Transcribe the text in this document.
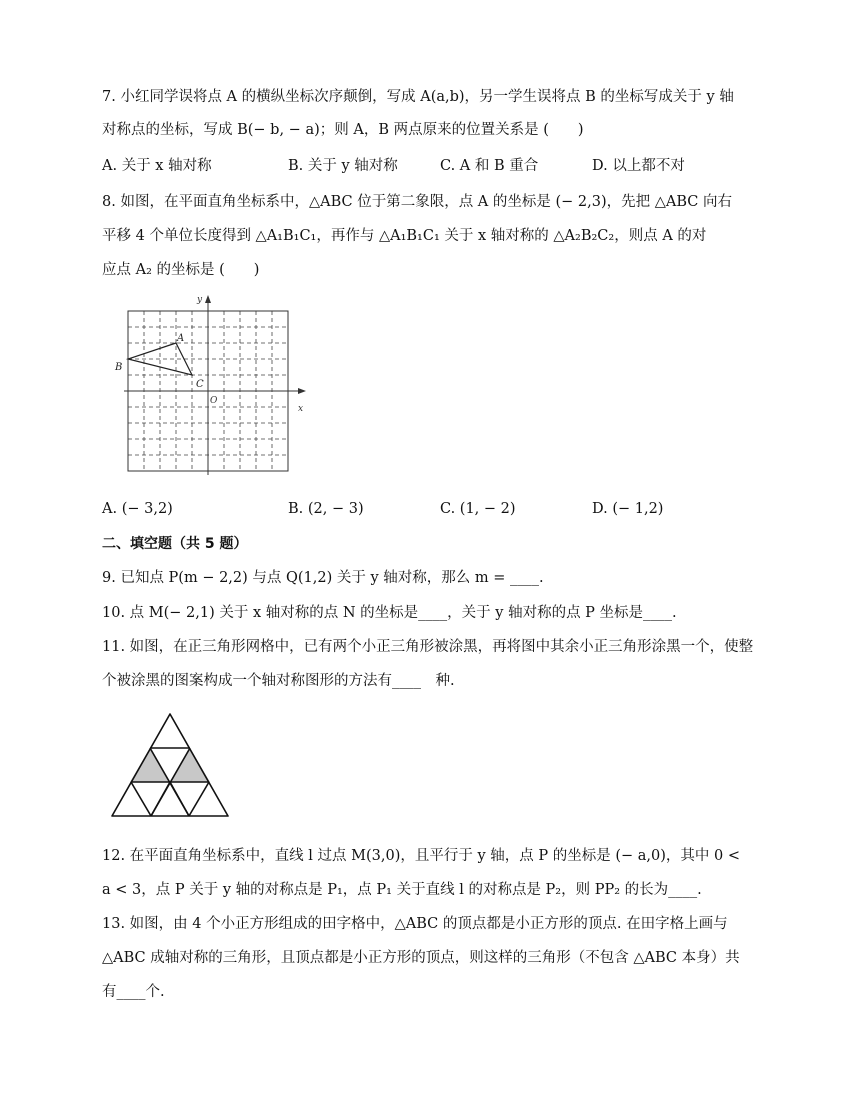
7. 小红同学误将点 A 的横纵坐标次序颠倒，写成 A(a,b)，另一学生误将点 B 的坐标写成关于 y 轴
对称点的坐标，写成 B(− b, − a)；则 A，B 两点原来的位置关系是 (　　)
A. 关于 x 轴对称	B. 关于 y 轴对称	C. A 和 B 重合	D. 以上都不对
8. 如图，在平面直角坐标系中，△ABC 位于第二象限，点 A 的坐标是 (− 2,3)，先把 △ABC 向右
平移 4 个单位长度得到 △A₁B₁C₁，再作与 △A₁B₁C₁ 关于 x 轴对称的 △A₂B₂C₂，则点 A 的对
应点 A₂ 的坐标是 (　　)
y
x
O
A
B
C
A. (− 3,2)	B. (2, − 3)	C. (1, − 2)	D. (− 1,2)
二、填空题（共 5 题）
9. 已知点 P(m − 2,2) 与点 Q(1,2) 关于 y 轴对称，那么 m = ____.
10. 点 M(− 2,1) 关于 x 轴对称的点 N 的坐标是____，关于 y 轴对称的点 P 坐标是____.
11. 如图，在正三角形网格中，已有两个小正三角形被涂黑，再将图中其余小正三角形涂黑一个，使整
个被涂黑的图案构成一个轴对称图形的方法有____　种.
12. 在平面直角坐标系中，直线 l 过点 M(3,0)，且平行于 y 轴，点 P 的坐标是 (− a,0)，其中 0 <
a < 3，点 P 关于 y 轴的对称点是 P₁，点 P₁ 关于直线 l 的对称点是 P₂，则 PP₂ 的长为____.
13. 如图，由 4 个小正方形组成的田字格中，△ABC 的顶点都是小正方形的顶点. 在田字格上画与
△ABC 成轴对称的三角形，且顶点都是小正方形的顶点，则这样的三角形（不包含 △ABC 本身）共
有____个.
